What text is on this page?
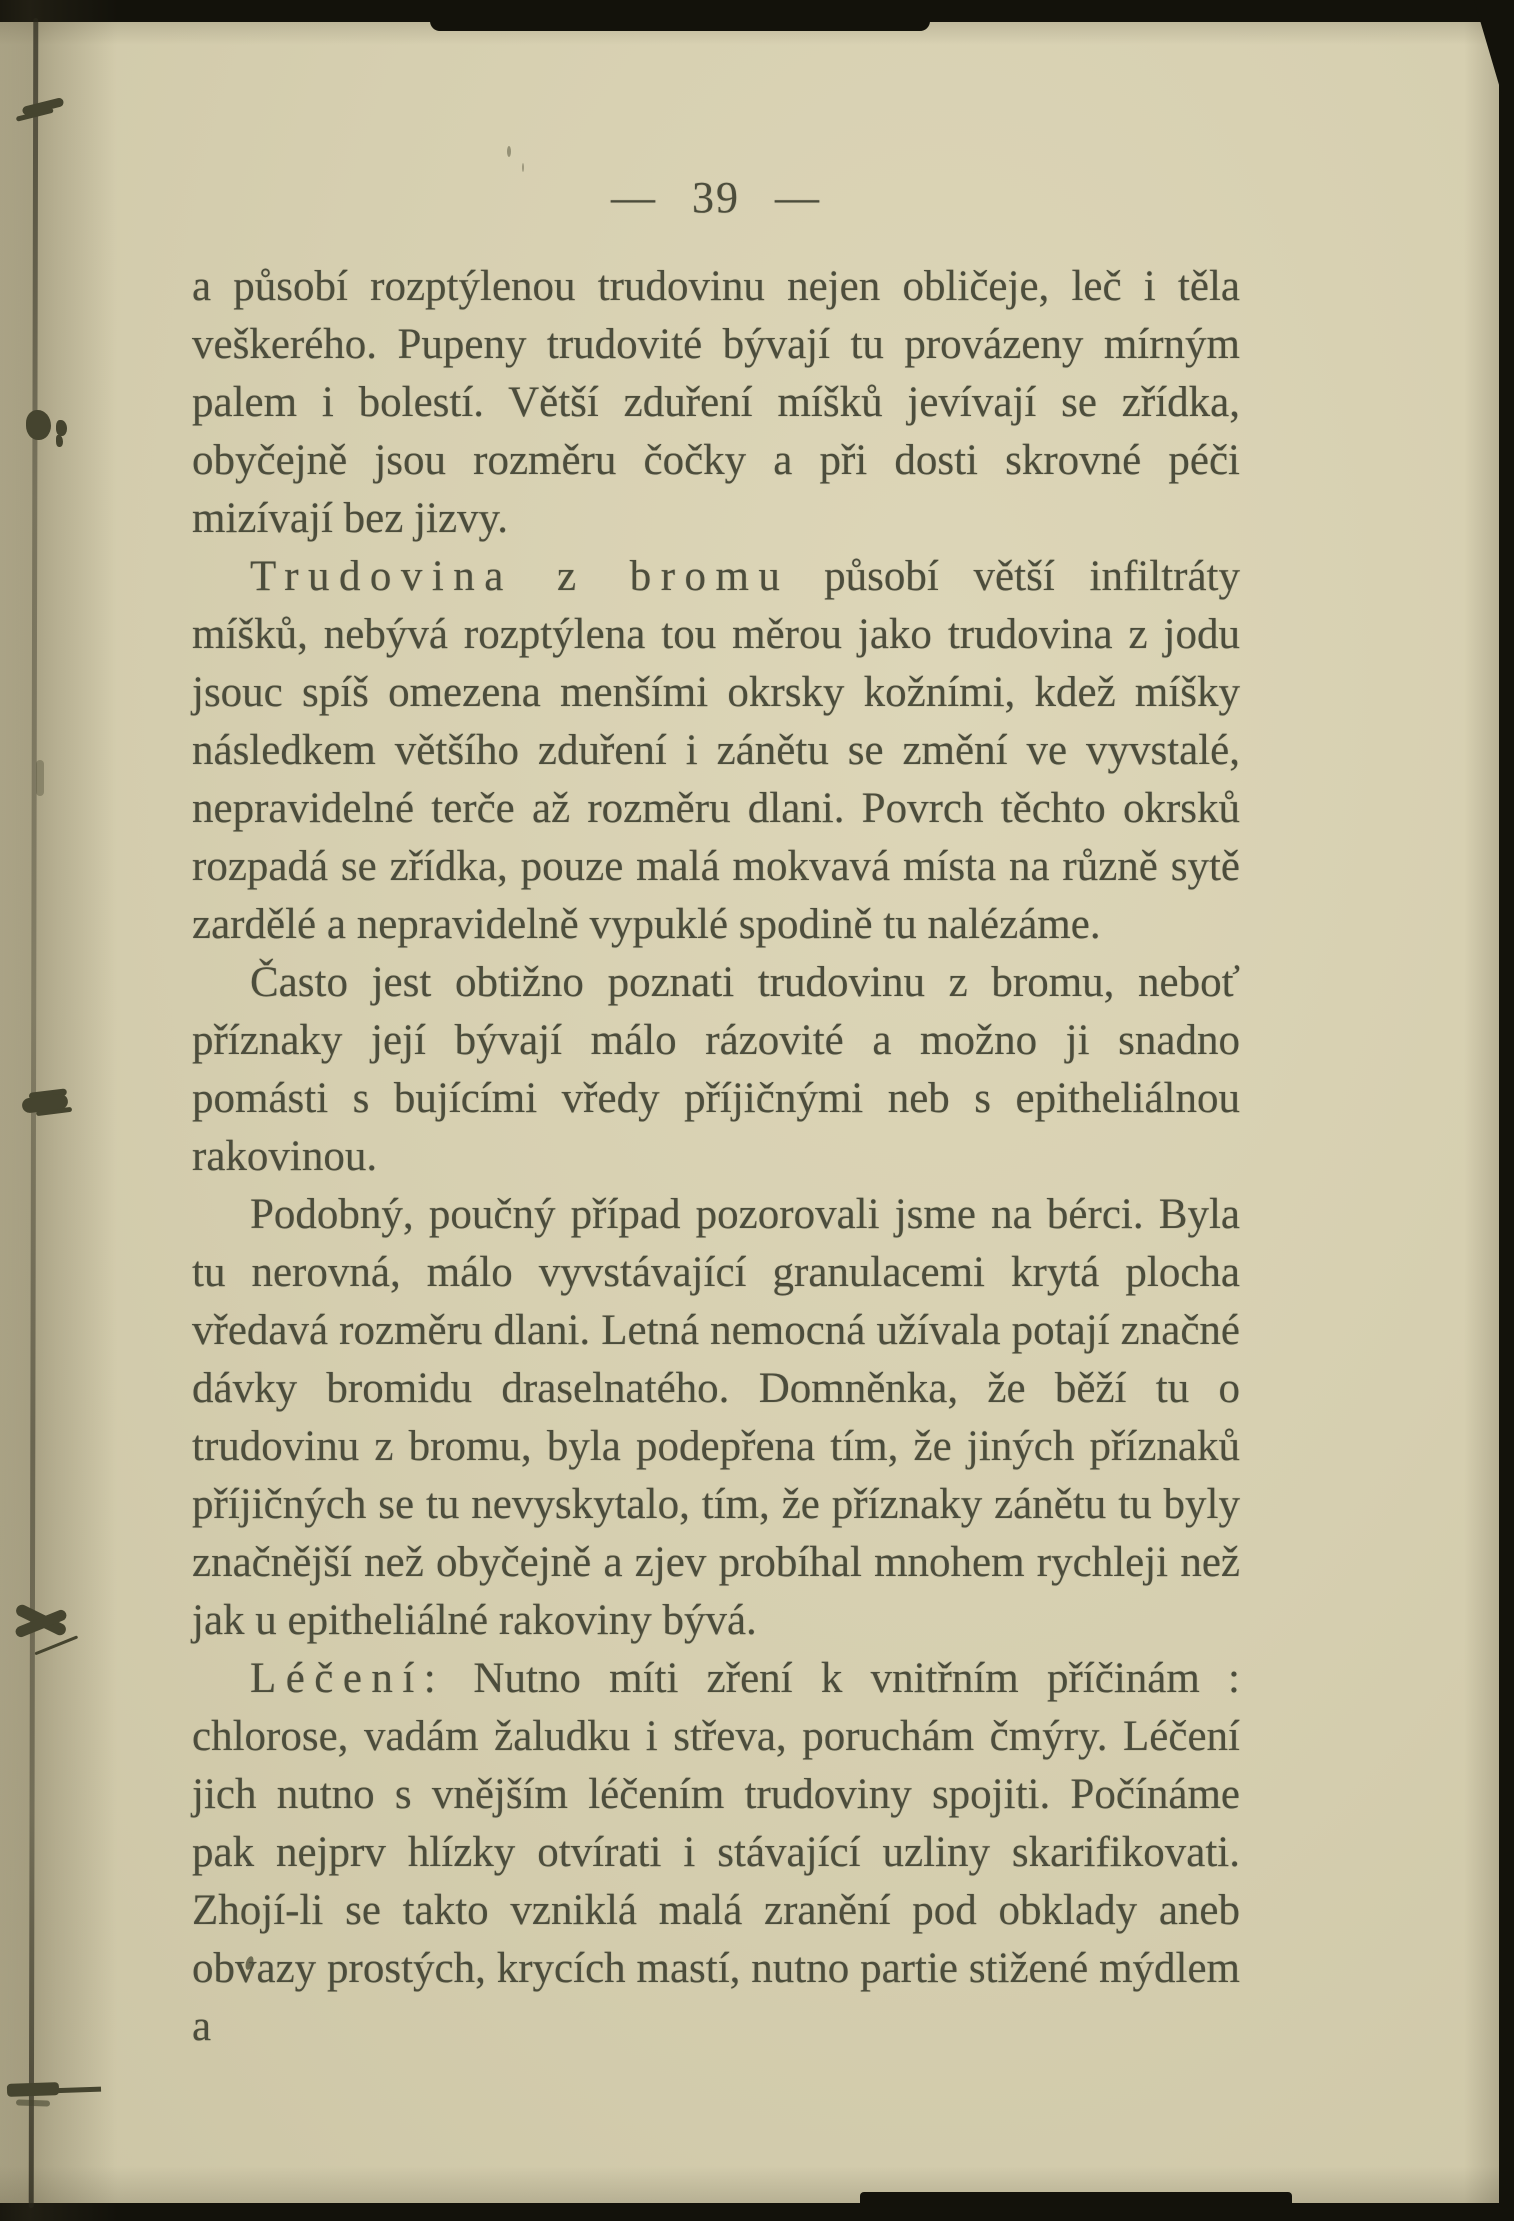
— 39 —

a působí rozptýlenou trudovinu nejen obličeje, leč i těla veškerého. Pupeny trudovité bývají tu provázeny mírným palem i bolestí. Větší zduření míšků jevívají se zřídka, obyčejně jsou rozměru čočky a při dosti skrovné péči mizívají bez jizvy.

Trudovina z bromu působí větší infiltráty míšků, nebývá rozptýlena tou měrou jako trudovina z jodu jsouc spíš omezena menšími okrsky kožními, kdež míšky následkem většího zduření i zánětu se změní ve vyvstalé, nepravidelné terče až rozměru dlani. Povrch těchto okrsků rozpadá se zřídka, pouze malá mokvavá místa na různě sytě zardělé a nepravidelně vypuklé spodině tu nalézáme.

Často jest obtižno poznati trudovinu z bromu, neboť příznaky její bývají málo rázovité a možno ji snadno pomásti s bujícími vředy příjičnými neb s epitheliálnou rakovinou.

Podobný, poučný případ pozorovali jsme na bérci. Byla tu nerovná, málo vyvstávající granulacemi krytá plocha vředavá rozměru dlani. Letná nemocná užívala potají značné dávky bromidu draselnatého. Domněnka, že běží tu o trudovinu z bromu, byla podepřena tím, že jiných příznaků příjičných se tu nevyskytalo, tím, že příznaky zánětu tu byly značnější než obyčejně a zjev probíhal mnohem rychleji než jak u epitheliálné rakoviny bývá.

Léčení: Nutno míti zření k vnitřním příčinám : chlorose, vadám žaludku i střeva, poruchám čmýry. Léčení jich nutno s vnějším léčením trudoviny spojiti. Počínáme pak nejprv hlízky otvírati i stávající uzliny skarifikovati. Zhojí-li se takto vzniklá malá zranění pod obklady aneb obvazy prostých, krycích mastí, nutno partie stižené mýdlem a
